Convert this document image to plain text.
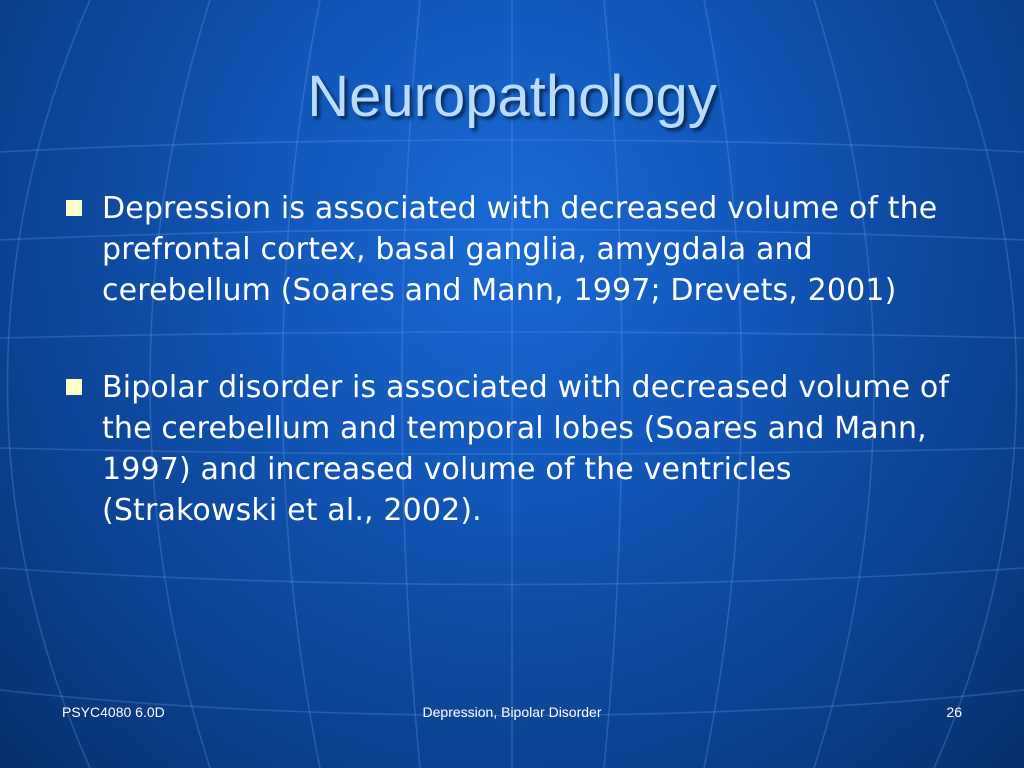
Neuropathology
Depression is associated with decreased volume of the prefrontal cortex, basal ganglia, amygdala and cerebellum (Soares and Mann, 1997; Drevets, 2001)
Bipolar disorder is associated with decreased volume of the cerebellum and temporal lobes (Soares and Mann, 1997) and increased volume of the ventricles (Strakowski et al., 2002).
PSYC4080 6.0D	Depression, Bipolar Disorder	26
